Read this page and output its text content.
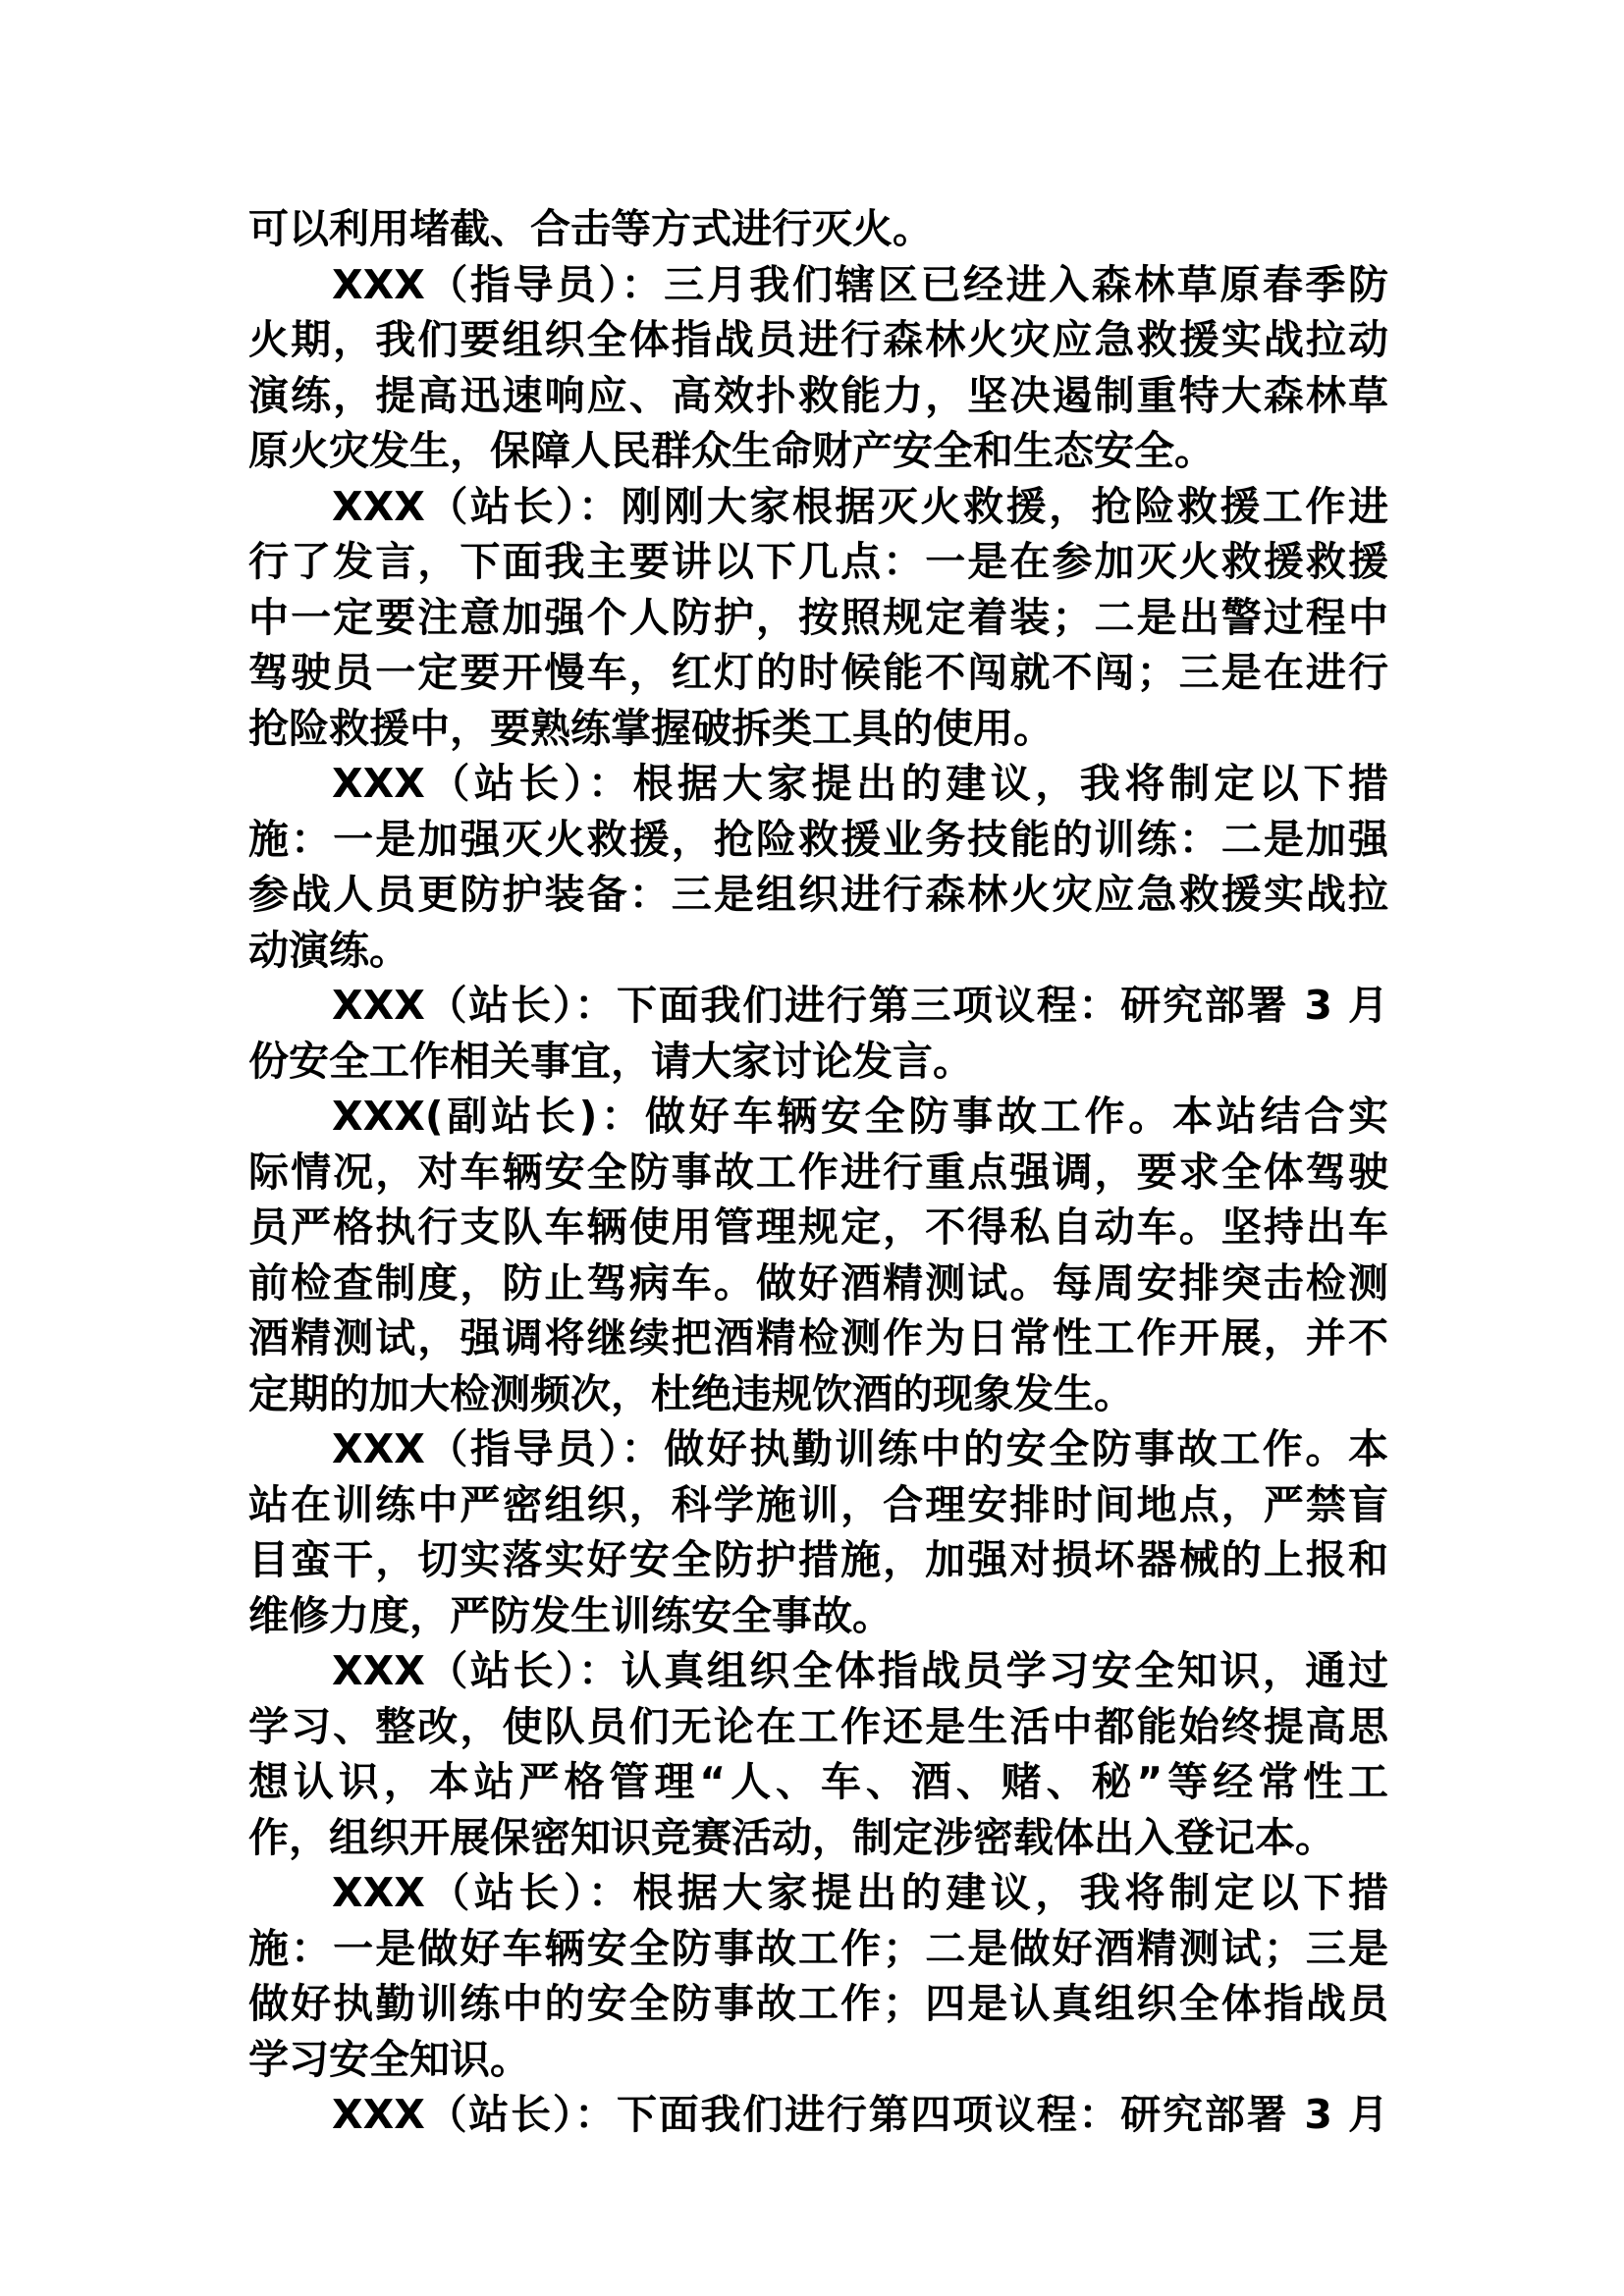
可以利用堵截、合击等方式进行灭火。
XXX（指导员）：三月我们辖区已经进入森林草原春季防
火期，我们要组织全体指战员进行森林火灾应急救援实战拉动
演练，提高迅速响应、高效扑救能力，坚决遏制重特大森林草
原火灾发生，保障人民群众生命财产安全和生态安全。
XXX（站长）：刚刚大家根据灭火救援，抢险救援工作进
行了发言，下面我主要讲以下几点：一是在参加灭火救援救援
中一定要注意加强个人防护，按照规定着装；二是出警过程中
驾驶员一定要开慢车，红灯的时候能不闯就不闯；三是在进行
抢险救援中，要熟练掌握破拆类工具的使用。
XXX（站长）：根据大家提出的建议，我将制定以下措
施：一是加强灭火救援，抢险救援业务技能的训练：二是加强
参战人员更防护装备：三是组织进行森林火灾应急救援实战拉
动演练。
XXX（站长）：下面我们进行第三项议程：研究部署 3 月
份安全工作相关事宜，请大家讨论发言。
XXX(副站长)：做好车辆安全防事故工作。本站结合实
际情况，对车辆安全防事故工作进行重点强调，要求全体驾驶
员严格执行支队车辆使用管理规定，不得私自动车。坚持出车
前检查制度，防止驾病车。做好酒精测试。每周安排突击检测
酒精测试，强调将继续把酒精检测作为日常性工作开展，并不
定期的加大检测频次，杜绝违规饮酒的现象发生。
XXX（指导员）：做好执勤训练中的安全防事故工作。本
站在训练中严密组织，科学施训，合理安排时间地点，严禁盲
目蛮干，切实落实好安全防护措施，加强对损坏器械的上报和
维修力度，严防发生训练安全事故。
XXX（站长）：认真组织全体指战员学习安全知识，通过
学习、整改，使队员们无论在工作还是生活中都能始终提高思
想认识，本站严格管理“人、车、酒、赌、秘”等经常性工
作，组织开展保密知识竞赛活动，制定涉密载体出入登记本。
XXX（站长）：根据大家提出的建议，我将制定以下措
施：一是做好车辆安全防事故工作；二是做好酒精测试；三是
做好执勤训练中的安全防事故工作；四是认真组织全体指战员
学习安全知识。
XXX（站长）：下面我们进行第四项议程：研究部署 3 月
